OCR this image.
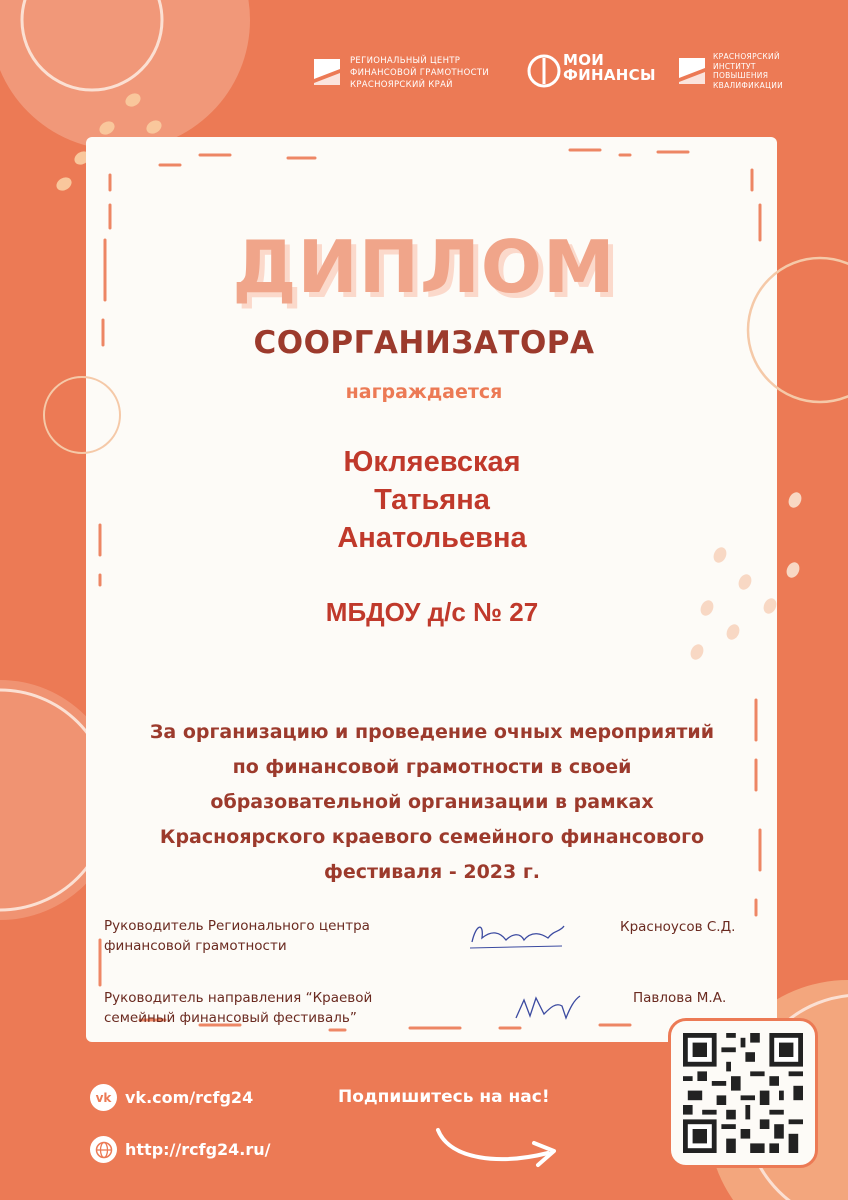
РЕГИОНАЛЬНЫЙ ЦЕНТР
ФИНАНСОВОЙ ГРАМОТНОСТИ
КРАСНОЯРСКИЙ КРАЙ
МОИ
ФИНАНСЫ
КРАСНОЯРСКИЙ
ИНСТИТУТ
ПОВЫШЕНИЯ
КВАЛИФИКАЦИИ
ДИПЛОМ
СООРГАНИЗАТОРА
награждается
Юкляевская
Татьяна
Анатольевна
МБДОУ д/с № 27
За организацию и проведение очных мероприятий
по финансовой грамотности в своей
образовательной организации в рамках
Красноярского краевого семейного финансового
фестиваля - 2023 г.
Руководитель Регионального центра
финансовой грамотности
Красноусов С.Д.
Руководитель направления “Краевой
семейный финансовый фестиваль”
Павлова М.А.
vk vk.com/rcfg24
http://rcfg24.ru/
Подпишитесь на нас!
